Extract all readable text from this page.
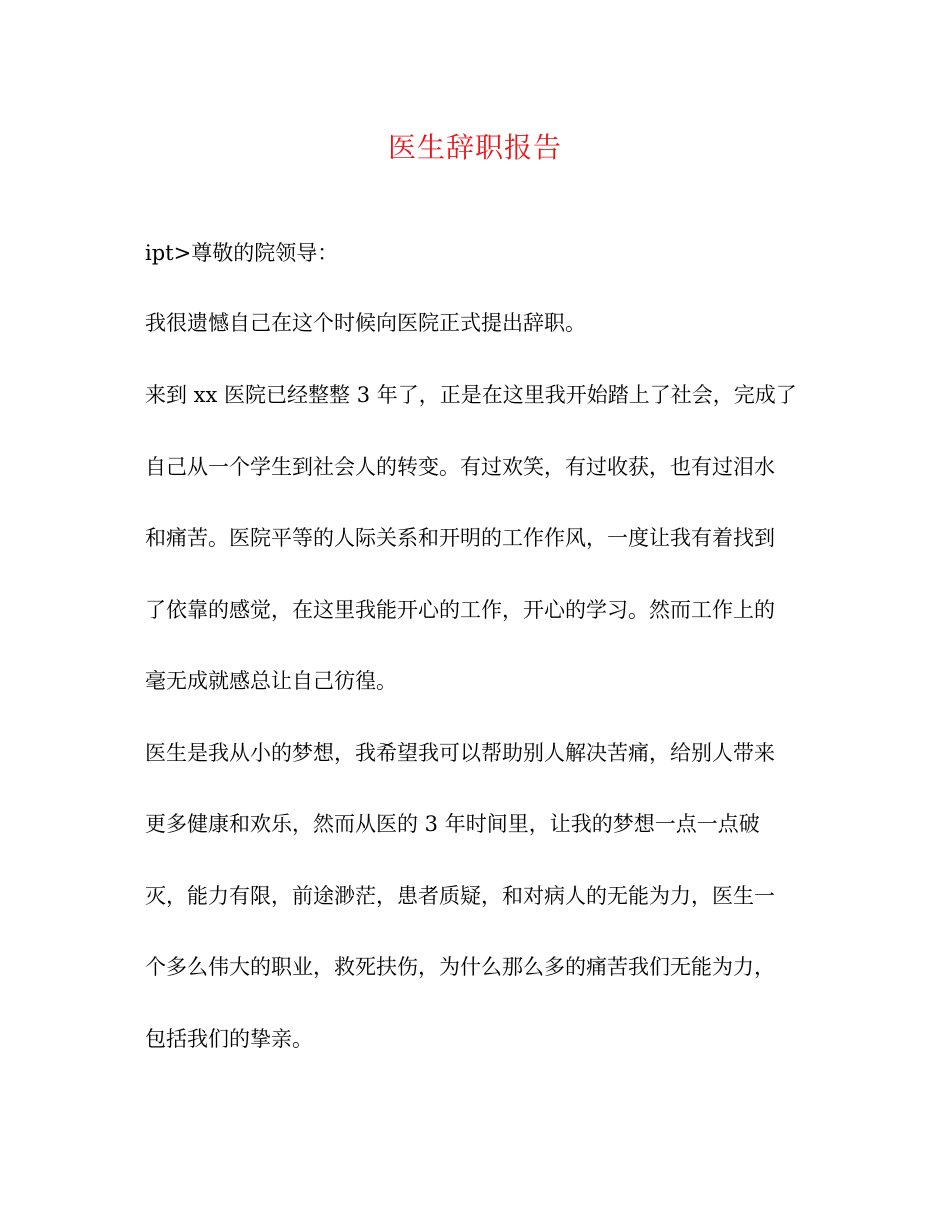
医生辞职报告
ipt>尊敬的院领导：
我很遗憾自己在这个时候向医院正式提出辞职。
来到 xx 医院已经整整 3 年了，正是在这里我开始踏上了社会，完成了
自己从一个学生到社会人的转变。有过欢笑，有过收获，也有过泪水
和痛苦。医院平等的人际关系和开明的工作作风，一度让我有着找到
了依靠的感觉，在这里我能开心的工作，开心的学习。然而工作上的
毫无成就感总让自己彷徨。
医生是我从小的梦想，我希望我可以帮助别人解决苦痛，给别人带来
更多健康和欢乐，然而从医的 3 年时间里，让我的梦想一点一点破
灭，能力有限，前途渺茫，患者质疑，和对病人的无能为力，医生一
个多么伟大的职业，救死扶伤，为什么那么多的痛苦我们无能为力，
包括我们的挚亲。
